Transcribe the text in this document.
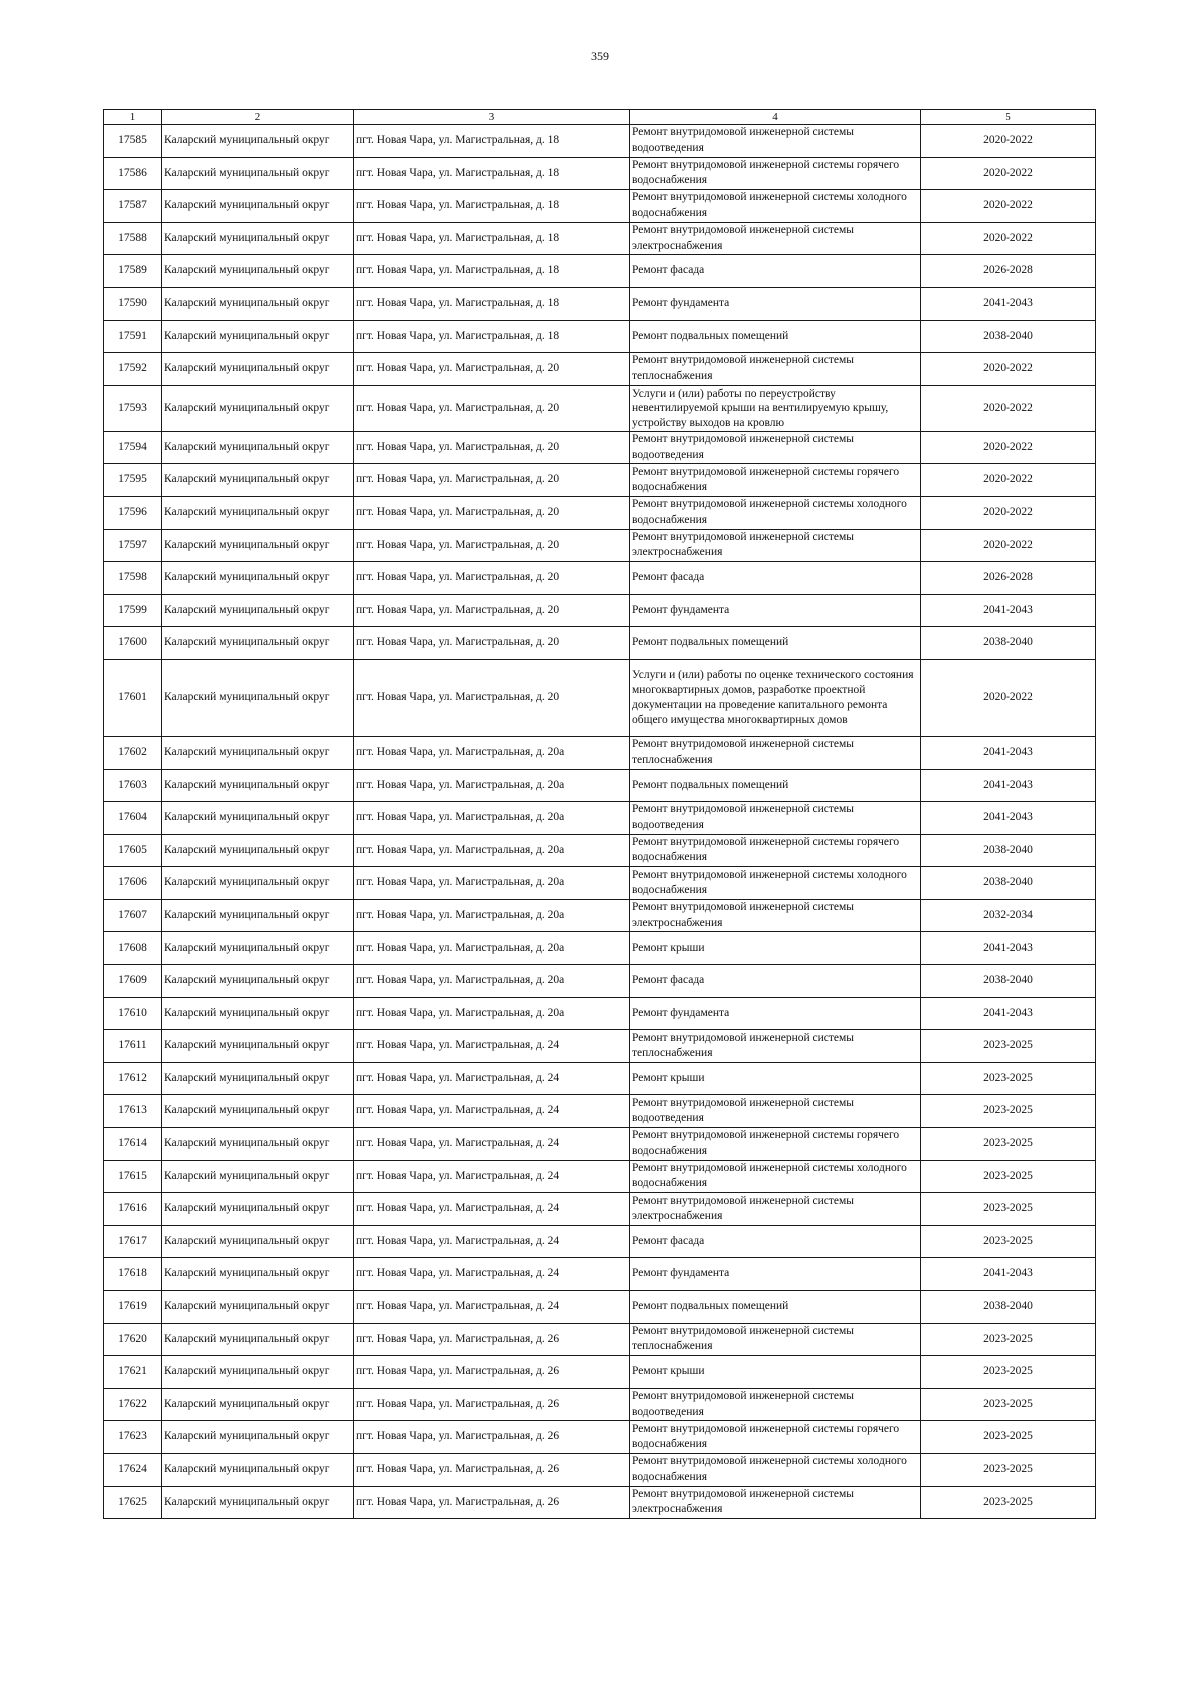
359
1	2	3	4	5
17585	Каларский муниципальный округ	пгт. Новая Чара, ул. Магистральная, д. 18	Ремонт внутридомовой инженерной системы водоотведения	2020-2022
17586	Каларский муниципальный округ	пгт. Новая Чара, ул. Магистральная, д. 18	Ремонт внутридомовой инженерной системы горячего водоснабжения	2020-2022
17587	Каларский муниципальный округ	пгт. Новая Чара, ул. Магистральная, д. 18	Ремонт внутридомовой инженерной системы холодного водоснабжения	2020-2022
17588	Каларский муниципальный округ	пгт. Новая Чара, ул. Магистральная, д. 18	Ремонт внутридомовой инженерной системы электроснабжения	2020-2022
17589	Каларский муниципальный округ	пгт. Новая Чара, ул. Магистральная, д. 18	Ремонт фасада	2026-2028
17590	Каларский муниципальный округ	пгт. Новая Чара, ул. Магистральная, д. 18	Ремонт фундамента	2041-2043
17591	Каларский муниципальный округ	пгт. Новая Чара, ул. Магистральная, д. 18	Ремонт подвальных помещений	2038-2040
17592	Каларский муниципальный округ	пгт. Новая Чара, ул. Магистральная, д. 20	Ремонт внутридомовой инженерной системы теплоснабжения	2020-2022
17593	Каларский муниципальный округ	пгт. Новая Чара, ул. Магистральная, д. 20	Услуги и (или) работы по переустройству невентилируемой крыши на вентилируемую крышу, устройству выходов на кровлю	2020-2022
17594	Каларский муниципальный округ	пгт. Новая Чара, ул. Магистральная, д. 20	Ремонт внутридомовой инженерной системы водоотведения	2020-2022
17595	Каларский муниципальный округ	пгт. Новая Чара, ул. Магистральная, д. 20	Ремонт внутридомовой инженерной системы горячего водоснабжения	2020-2022
17596	Каларский муниципальный округ	пгт. Новая Чара, ул. Магистральная, д. 20	Ремонт внутридомовой инженерной системы холодного водоснабжения	2020-2022
17597	Каларский муниципальный округ	пгт. Новая Чара, ул. Магистральная, д. 20	Ремонт внутридомовой инженерной системы электроснабжения	2020-2022
17598	Каларский муниципальный округ	пгт. Новая Чара, ул. Магистральная, д. 20	Ремонт фасада	2026-2028
17599	Каларский муниципальный округ	пгт. Новая Чара, ул. Магистральная, д. 20	Ремонт фундамента	2041-2043
17600	Каларский муниципальный округ	пгт. Новая Чара, ул. Магистральная, д. 20	Ремонт подвальных помещений	2038-2040
17601	Каларский муниципальный округ	пгт. Новая Чара, ул. Магистральная, д. 20	Услуги и (или) работы по оценке технического состояния многоквартирных домов, разработке проектной документации на проведение капитального ремонта общего имущества многоквартирных домов	2020-2022
17602	Каларский муниципальный округ	пгт. Новая Чара, ул. Магистральная, д. 20а	Ремонт внутридомовой инженерной системы теплоснабжения	2041-2043
17603	Каларский муниципальный округ	пгт. Новая Чара, ул. Магистральная, д. 20а	Ремонт подвальных помещений	2041-2043
17604	Каларский муниципальный округ	пгт. Новая Чара, ул. Магистральная, д. 20а	Ремонт внутридомовой инженерной системы водоотведения	2041-2043
17605	Каларский муниципальный округ	пгт. Новая Чара, ул. Магистральная, д. 20а	Ремонт внутридомовой инженерной системы горячего водоснабжения	2038-2040
17606	Каларский муниципальный округ	пгт. Новая Чара, ул. Магистральная, д. 20а	Ремонт внутридомовой инженерной системы холодного водоснабжения	2038-2040
17607	Каларский муниципальный округ	пгт. Новая Чара, ул. Магистральная, д. 20а	Ремонт внутридомовой инженерной системы электроснабжения	2032-2034
17608	Каларский муниципальный округ	пгт. Новая Чара, ул. Магистральная, д. 20а	Ремонт крыши	2041-2043
17609	Каларский муниципальный округ	пгт. Новая Чара, ул. Магистральная, д. 20а	Ремонт фасада	2038-2040
17610	Каларский муниципальный округ	пгт. Новая Чара, ул. Магистральная, д. 20а	Ремонт фундамента	2041-2043
17611	Каларский муниципальный округ	пгт. Новая Чара, ул. Магистральная, д. 24	Ремонт внутридомовой инженерной системы теплоснабжения	2023-2025
17612	Каларский муниципальный округ	пгт. Новая Чара, ул. Магистральная, д. 24	Ремонт крыши	2023-2025
17613	Каларский муниципальный округ	пгт. Новая Чара, ул. Магистральная, д. 24	Ремонт внутридомовой инженерной системы водоотведения	2023-2025
17614	Каларский муниципальный округ	пгт. Новая Чара, ул. Магистральная, д. 24	Ремонт внутридомовой инженерной системы горячего водоснабжения	2023-2025
17615	Каларский муниципальный округ	пгт. Новая Чара, ул. Магистральная, д. 24	Ремонт внутридомовой инженерной системы холодного водоснабжения	2023-2025
17616	Каларский муниципальный округ	пгт. Новая Чара, ул. Магистральная, д. 24	Ремонт внутридомовой инженерной системы электроснабжения	2023-2025
17617	Каларский муниципальный округ	пгт. Новая Чара, ул. Магистральная, д. 24	Ремонт фасада	2023-2025
17618	Каларский муниципальный округ	пгт. Новая Чара, ул. Магистральная, д. 24	Ремонт фундамента	2041-2043
17619	Каларский муниципальный округ	пгт. Новая Чара, ул. Магистральная, д. 24	Ремонт подвальных помещений	2038-2040
17620	Каларский муниципальный округ	пгт. Новая Чара, ул. Магистральная, д. 26	Ремонт внутридомовой инженерной системы теплоснабжения	2023-2025
17621	Каларский муниципальный округ	пгт. Новая Чара, ул. Магистральная, д. 26	Ремонт крыши	2023-2025
17622	Каларский муниципальный округ	пгт. Новая Чара, ул. Магистральная, д. 26	Ремонт внутридомовой инженерной системы водоотведения	2023-2025
17623	Каларский муниципальный округ	пгт. Новая Чара, ул. Магистральная, д. 26	Ремонт внутридомовой инженерной системы горячего водоснабжения	2023-2025
17624	Каларский муниципальный округ	пгт. Новая Чара, ул. Магистральная, д. 26	Ремонт внутридомовой инженерной системы холодного водоснабжения	2023-2025
17625	Каларский муниципальный округ	пгт. Новая Чара, ул. Магистральная, д. 26	Ремонт внутридомовой инженерной системы электроснабжения	2023-2025
